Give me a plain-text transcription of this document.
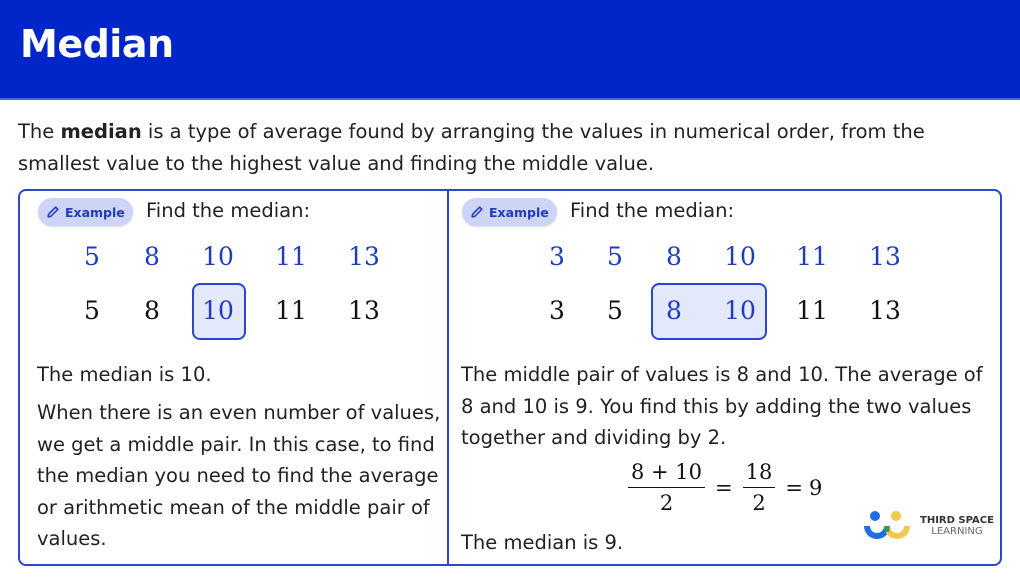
Median

The median is a type of average found by arranging the values in numerical order, from the smallest value to the highest value and finding the middle value.

Example Find the median:
5	8	10	11	13
5	8	10	11	13

The median is 10.

When there is an even number of values, we get a middle pair. In this case, to find the median you need to find the average or arithmetic mean of the middle pair of values.

Example Find the median:
3	5	8	10	11	13
3	5	8	10	11	13

The middle pair of values is 8 and 10. The average of 8 and 10 is 9. You find this by adding the two values together and dividing by 2.

$\frac{8 + 10}{2} = \frac{18}{2} = 9$

The median is 9.

THIRD SPACE
LEARNING
